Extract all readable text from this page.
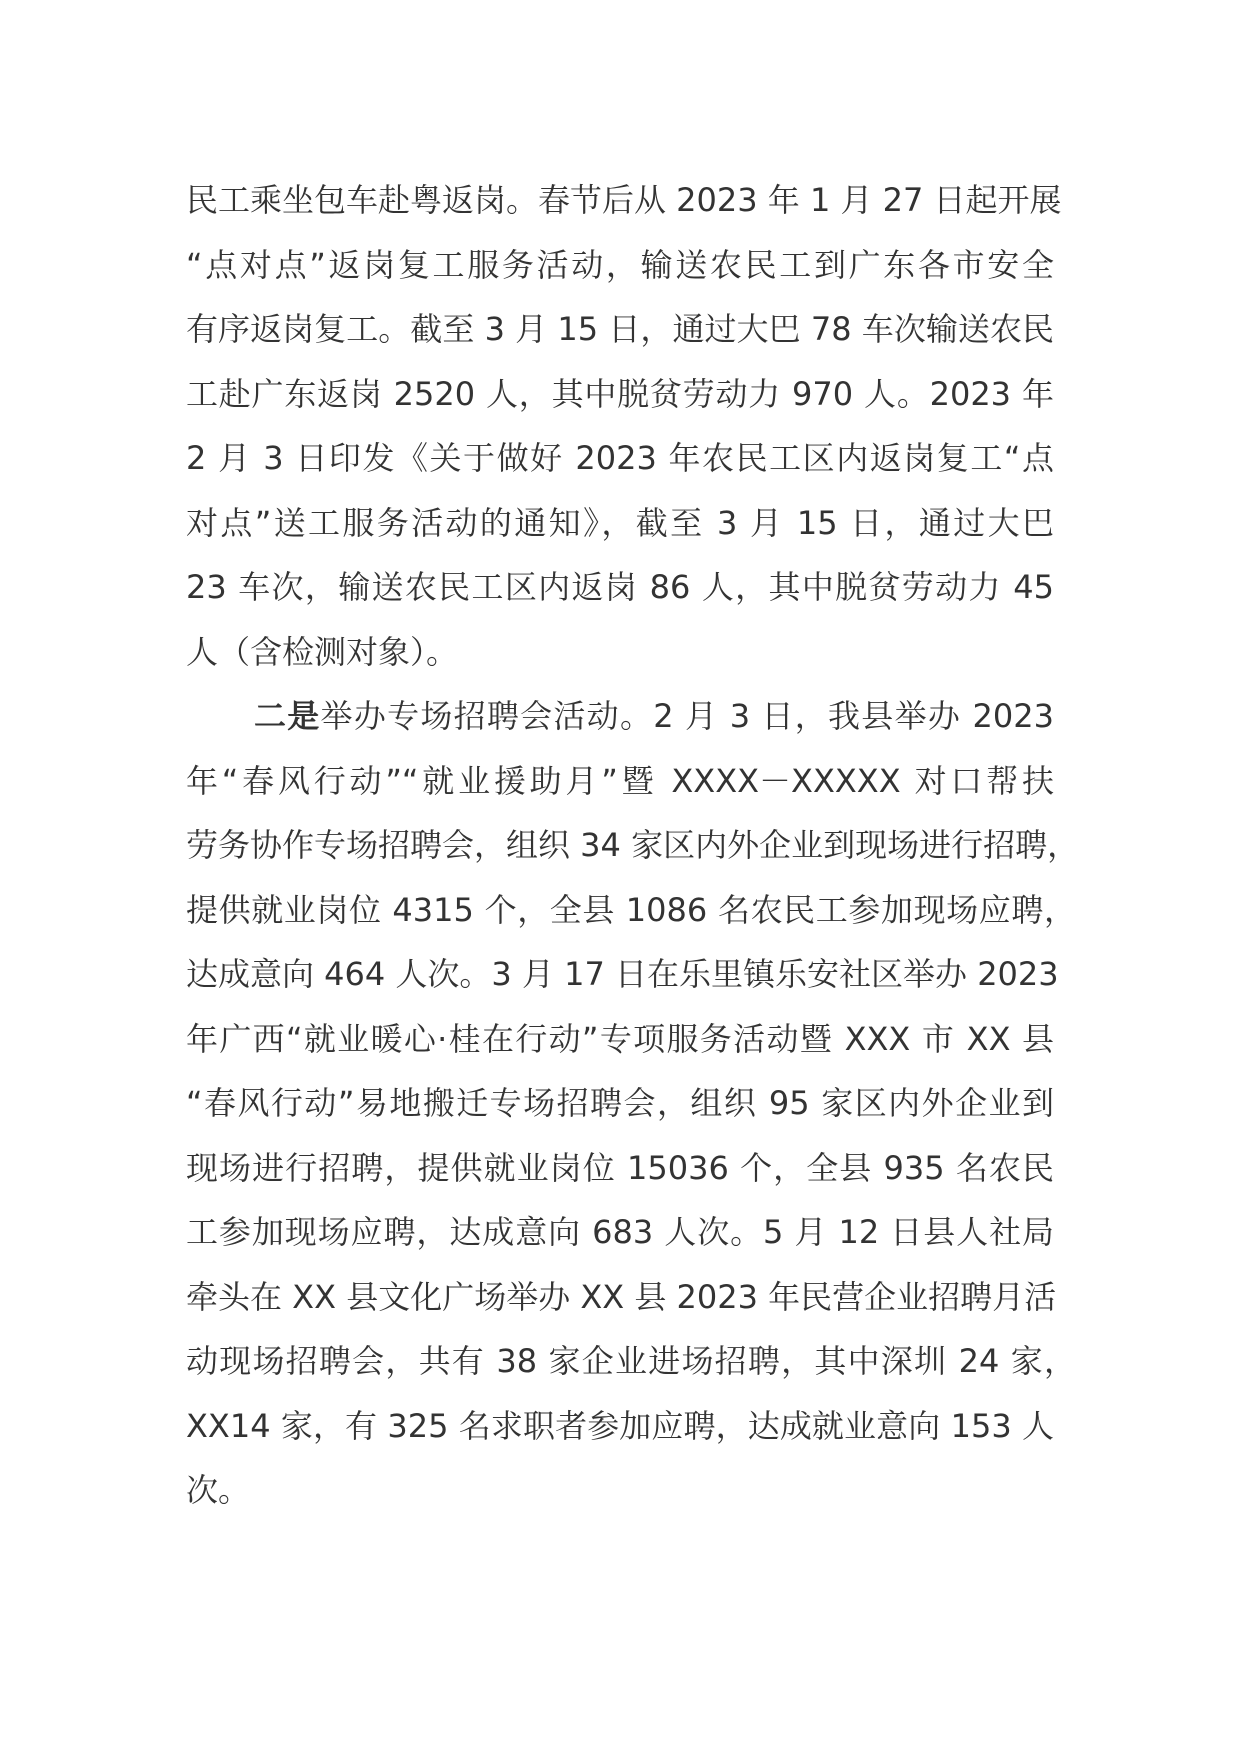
民工乘坐包车赴粤返岗。春节后从 2023 年 1 月 27 日起开展
“点对点”返岗复工服务活动，输送农民工到广东各市安全
有序返岗复工。截至 3 月 15 日，通过大巴 78 车次输送农民
工赴广东返岗 2520 人，其中脱贫劳动力 970 人。2023 年
2 月 3 日印发《关于做好 2023 年农民工区内返岗复工“点
对点”送工服务活动的通知》，截至 3 月 15 日，通过大巴
23 车次，输送农民工区内返岗 86 人，其中脱贫劳动力 45
人（含检测对象）。
二是举办专场招聘会活动。2 月 3 日，我县举办 2023
年“春风行动”“就业援助月”暨 XXXX－XXXXX 对口帮扶
劳务协作专场招聘会，组织 34 家区内外企业到现场进行招聘，
提供就业岗位 4315 个，全县 1086 名农民工参加现场应聘，
达成意向 464 人次。3 月 17 日在乐里镇乐安社区举办 2023
年广西“就业暖心·桂在行动”专项服务活动暨 XXX 市 XX 县
“春风行动”易地搬迁专场招聘会，组织 95 家区内外企业到
现场进行招聘，提供就业岗位 15036 个，全县 935 名农民
工参加现场应聘，达成意向 683 人次。5 月 12 日县人社局
牵头在 XX 县文化广场举办 XX 县 2023 年民营企业招聘月活
动现场招聘会，共有 38 家企业进场招聘，其中深圳 24 家，
XX14 家，有 325 名求职者参加应聘，达成就业意向 153 人
次。
